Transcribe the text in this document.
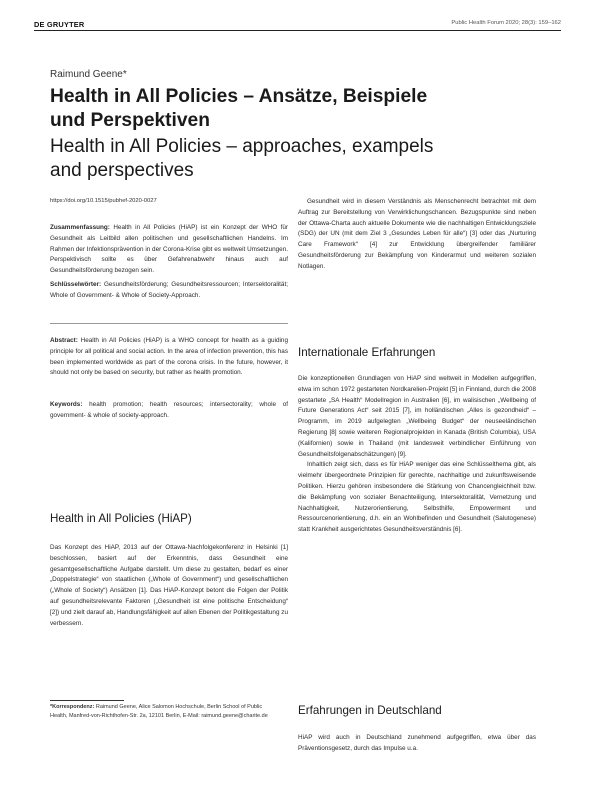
DE GRUYTER	Public Health Forum 2020; 28(3): 159–162
Raimund Geene*
Health in All Policies – Ansätze, Beispiele
und Perspektiven
Health in All Policies – approaches, exampels
and perspectives
https://doi.org/10.1515/pubhef-2020-0027

Zusammenfassung: Health in All Policies (HiAP) ist ein Konzept der WHO für Gesundheit als Leitbild allen politischen und gesellschaftlichen Handelns. Im Rahmen der Infektionsprävention in der Corona-Krise gibt es weltweit Umsetzungen. Perspektivisch sollte es über Gefahrenabwehr hinaus auch auf Gesundheitsförderung bezogen sein.

Schlüsselwörter: Gesundheitsförderung; Gesundheitsressourcen; Intersektoralität; Whole of Government- & Whole of Society-Approach.

Abstract: Health in All Policies (HiAP) is a WHO concept for health as a guiding principle for all political and social action. In the area of infection prevention, this has been implemented worldwide as part of the corona crisis. In the future, however, it should not only be based on security, but rather as health promotion.

Keywords: health promotion; health resources; intersectorality; whole of government- & whole of society-approach.

Health in All Policies (HiAP)

Das Konzept des HiAP, 2013 auf der Ottawa-Nachfolgekonferenz in Helsinki [1] beschlossen, basiert auf der Erkenntnis, dass Gesundheit eine gesamtgesellschaftliche Aufgabe darstellt. Um diese zu gestalten, bedarf es einer „Doppelstrategie“ von staatlichen („Whole of Government“) und gesellschaftlichen („Whole of Society“) Ansätzen [1]. Das HiAP-Konzept betont die Folgen der Politik auf gesundheitsrelevante Faktoren („Gesundheit ist eine politische Entscheidung“ [2]) und zielt darauf ab, Handlungsfähigkeit auf allen Ebenen der Politikgestaltung zu verbessern.

*Korrespondenz: Raimund Geene, Alice Salomon Hochschule, Berlin School of Public Health, Manfred-von-Richthofen-Str. 2a, 12101 Berlin, E-Mail: raimund.geene@charite.de

Gesundheit wird in diesem Verständnis als Menschenrecht betrachtet mit dem Auftrag zur Bereitstellung von Verwirklichungschancen. Bezugspunkte sind neben der Ottawa-Charta auch aktuelle Dokumente wie die nachhaltigen Entwicklungsziele (SDG) der UN (mit dem Ziel 3 „Gesundes Leben für alle“) [3] oder das „Nurturing Care Framework“ [4] zur Entwicklung übergreifender familiärer Gesundheitsförderung zur Bekämpfung von Kinderarmut und weiteren sozialen Notlagen.

Internationale Erfahrungen

Die konzeptionellen Grundlagen von HiAP sind weltweit in Modellen aufgegriffen, etwa im schon 1972 gestarteten Nordkarelien-Projekt [5] in Finnland, durch die 2008 gestartete „SA Health“ Modellregion in Australien [6], im walisischen „Wellbeing of Future Generations Act“ seit 2015 [7], im holländischen „Alles is gezondheid“ – Programm, im 2019 aufgelegten „Wellbeing Budget“ der neuseeländischen Regierung [8] sowie weiteren Regionalprojekten in Kanada (British Columbia), USA (Kalifornien) sowie in Thailand (mit landesweit verbindlicher Einführung von Gesundheitsfolgenabschätzungen) [9].

Inhaltlich zeigt sich, dass es für HiAP weniger das eine Schlüsselthema gibt, als vielmehr übergeordnete Prinzipien für gerechte, nachhaltige und zukunftsweisende Politiken. Hierzu gehören insbesondere die Stärkung von Chancengleichheit bzw. die Bekämpfung von sozialer Benachteiligung, Intersektoralität, Vernetzung und Nachhaltigkeit, Nutzerorientierung, Selbsthilfe, Empowerment und Ressourcenorientierung, d.h. ein an Wohlbefinden und Gesundheit (Salutogenese) statt Krankheit ausgerichtetes Gesundheitsverständnis [6].

Erfahrungen in Deutschland

HiAP wird auch in Deutschland zunehmend aufgegriffen, etwa über das Präventionsgesetz, durch das Impulse u.a.
